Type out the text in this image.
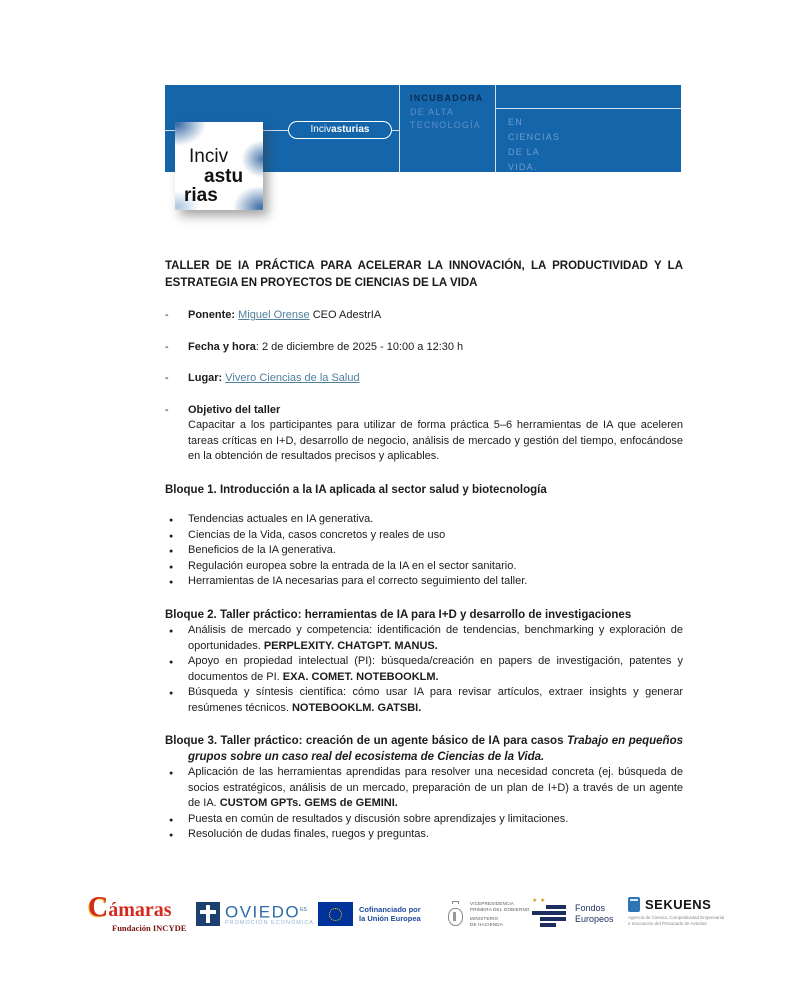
Incivasturias
INCUBADORA
DE ALTA
TECNOLOGÍA	EN
CIENCIAS
DE LA
VIDA.
Inciv
astu
rias
TALLER DE IA PRÁCTICA PARA ACELERAR LA INNOVACIÓN, LA PRODUCTIVIDAD Y LA ESTRATEGIA EN PROYECTOS DE CIENCIAS DE LA VIDA
-	Ponente: Miguel Orense CEO AdestrIA
-	Fecha y hora: 2 de diciembre de 2025 - 10:00 a 12:30 h
-	Lugar: Vivero Ciencias de la Salud
-	Objetivo del taller
Capacitar a los participantes para utilizar de forma práctica 5–6 herramientas de IA que aceleren tareas críticas en I+D, desarrollo de negocio, análisis de mercado y gestión del tiempo, enfocándose en la obtención de resultados precisos y aplicables.
Bloque 1. Introducción a la IA aplicada al sector salud y biotecnología
● Tendencias actuales en IA generativa.
● Ciencias de la Vida, casos concretos y reales de uso
● Beneficios de la IA generativa.
● Regulación europea sobre la entrada de la IA en el sector sanitario.
● Herramientas de IA necesarias para el correcto seguimiento del taller.
Bloque 2. Taller práctico: herramientas de IA para I+D y desarrollo de investigaciones
● Análisis de mercado y competencia: identificación de tendencias, benchmarking y exploración de oportunidades. PERPLEXITY. CHATGPT. MANUS.
● Apoyo en propiedad intelectual (PI): búsqueda/creación en papers de investigación, patentes y documentos de PI. EXA. COMET. NOTEBOOKLM.
● Búsqueda y síntesis científica: cómo usar IA para revisar artículos, extraer insights y generar resúmenes técnicos. NOTEBOOKLM. GATSBI.
Bloque 3. Taller práctico: creación de un agente básico de IA para casos Trabajo en pequeños grupos sobre un caso real del ecosistema de Ciencias de la Vida.
● Aplicación de las herramientas aprendidas para resolver una necesidad concreta (ej. búsqueda de socios estratégicos, análisis de un mercado, preparación de un plan de I+D) a través de un agente de IA. CUSTOM GPTs. GEMS de GEMINI.
● Puesta en común de resultados y discusión sobre aprendizajes y limitaciones.
● Resolución de dudas finales, ruegos y preguntas.
Cámaras
Fundación INCYDE
$OVIEDO^{ES}$
PROMOCIÓN ECONÓMICA
Cofinanciado por
la Unión Europea
VICEPRESIDENCIA
PRIMERA DEL GOBIERNO
MINISTERIO
DE HACIENDA
★ ★
Fondos
Europeos
SEKUENS
Agencia de Ciencia, Competitividad Empresarial
e Innovación del Principado de Asturias
